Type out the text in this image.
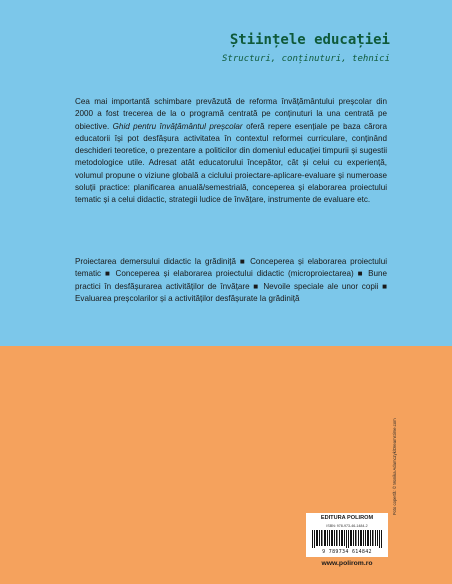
Științele educației
Structuri, conținuturi, tehnici

Cea mai importantă schimbare prevăzută de reforma învățământului preșcolar din 2000 a fost trecerea de la o programă centrată pe conținuturi la una centrată pe obiective. Ghid pentru învățământul preșcolar oferă repere esențiale pe baza cărora educatorii își pot desfășura activitatea în contextul reformei curriculare, conținând deschideri teoretice, o prezentare a politicilor din domeniul educației timpurii și sugestii metodologice utile. Adresat atât educatorului începător, cât și celui cu experiență, volumul propune o viziune globală a ciclului proiectare-aplicare-evaluare și numeroase soluții practice: planificarea anuală/semestrială, conceperea și elaborarea proiectului tematic și a celui didactic, strategii ludice de învățare, instrumente de evaluare etc.

Proiectarea demersului didactic la grădiniță ■ Conceperea și elaborarea proiectului tematic ■ Conceperea și elaborarea proiectului didactic (microproiectarea) ■ Bune practici în desfășurarea activităților de învățare ■ Nevoile speciale ale unor copii ■ Evaluarea preșcolarilor și a activităților desfășurate la grădiniță

Foto copertă: © Monika Adamczyk/Dreamstime.com
EDITURA POLIROM
ISBN: 978-973-46-1484-2
9 789734 614842
www.polirom.ro
